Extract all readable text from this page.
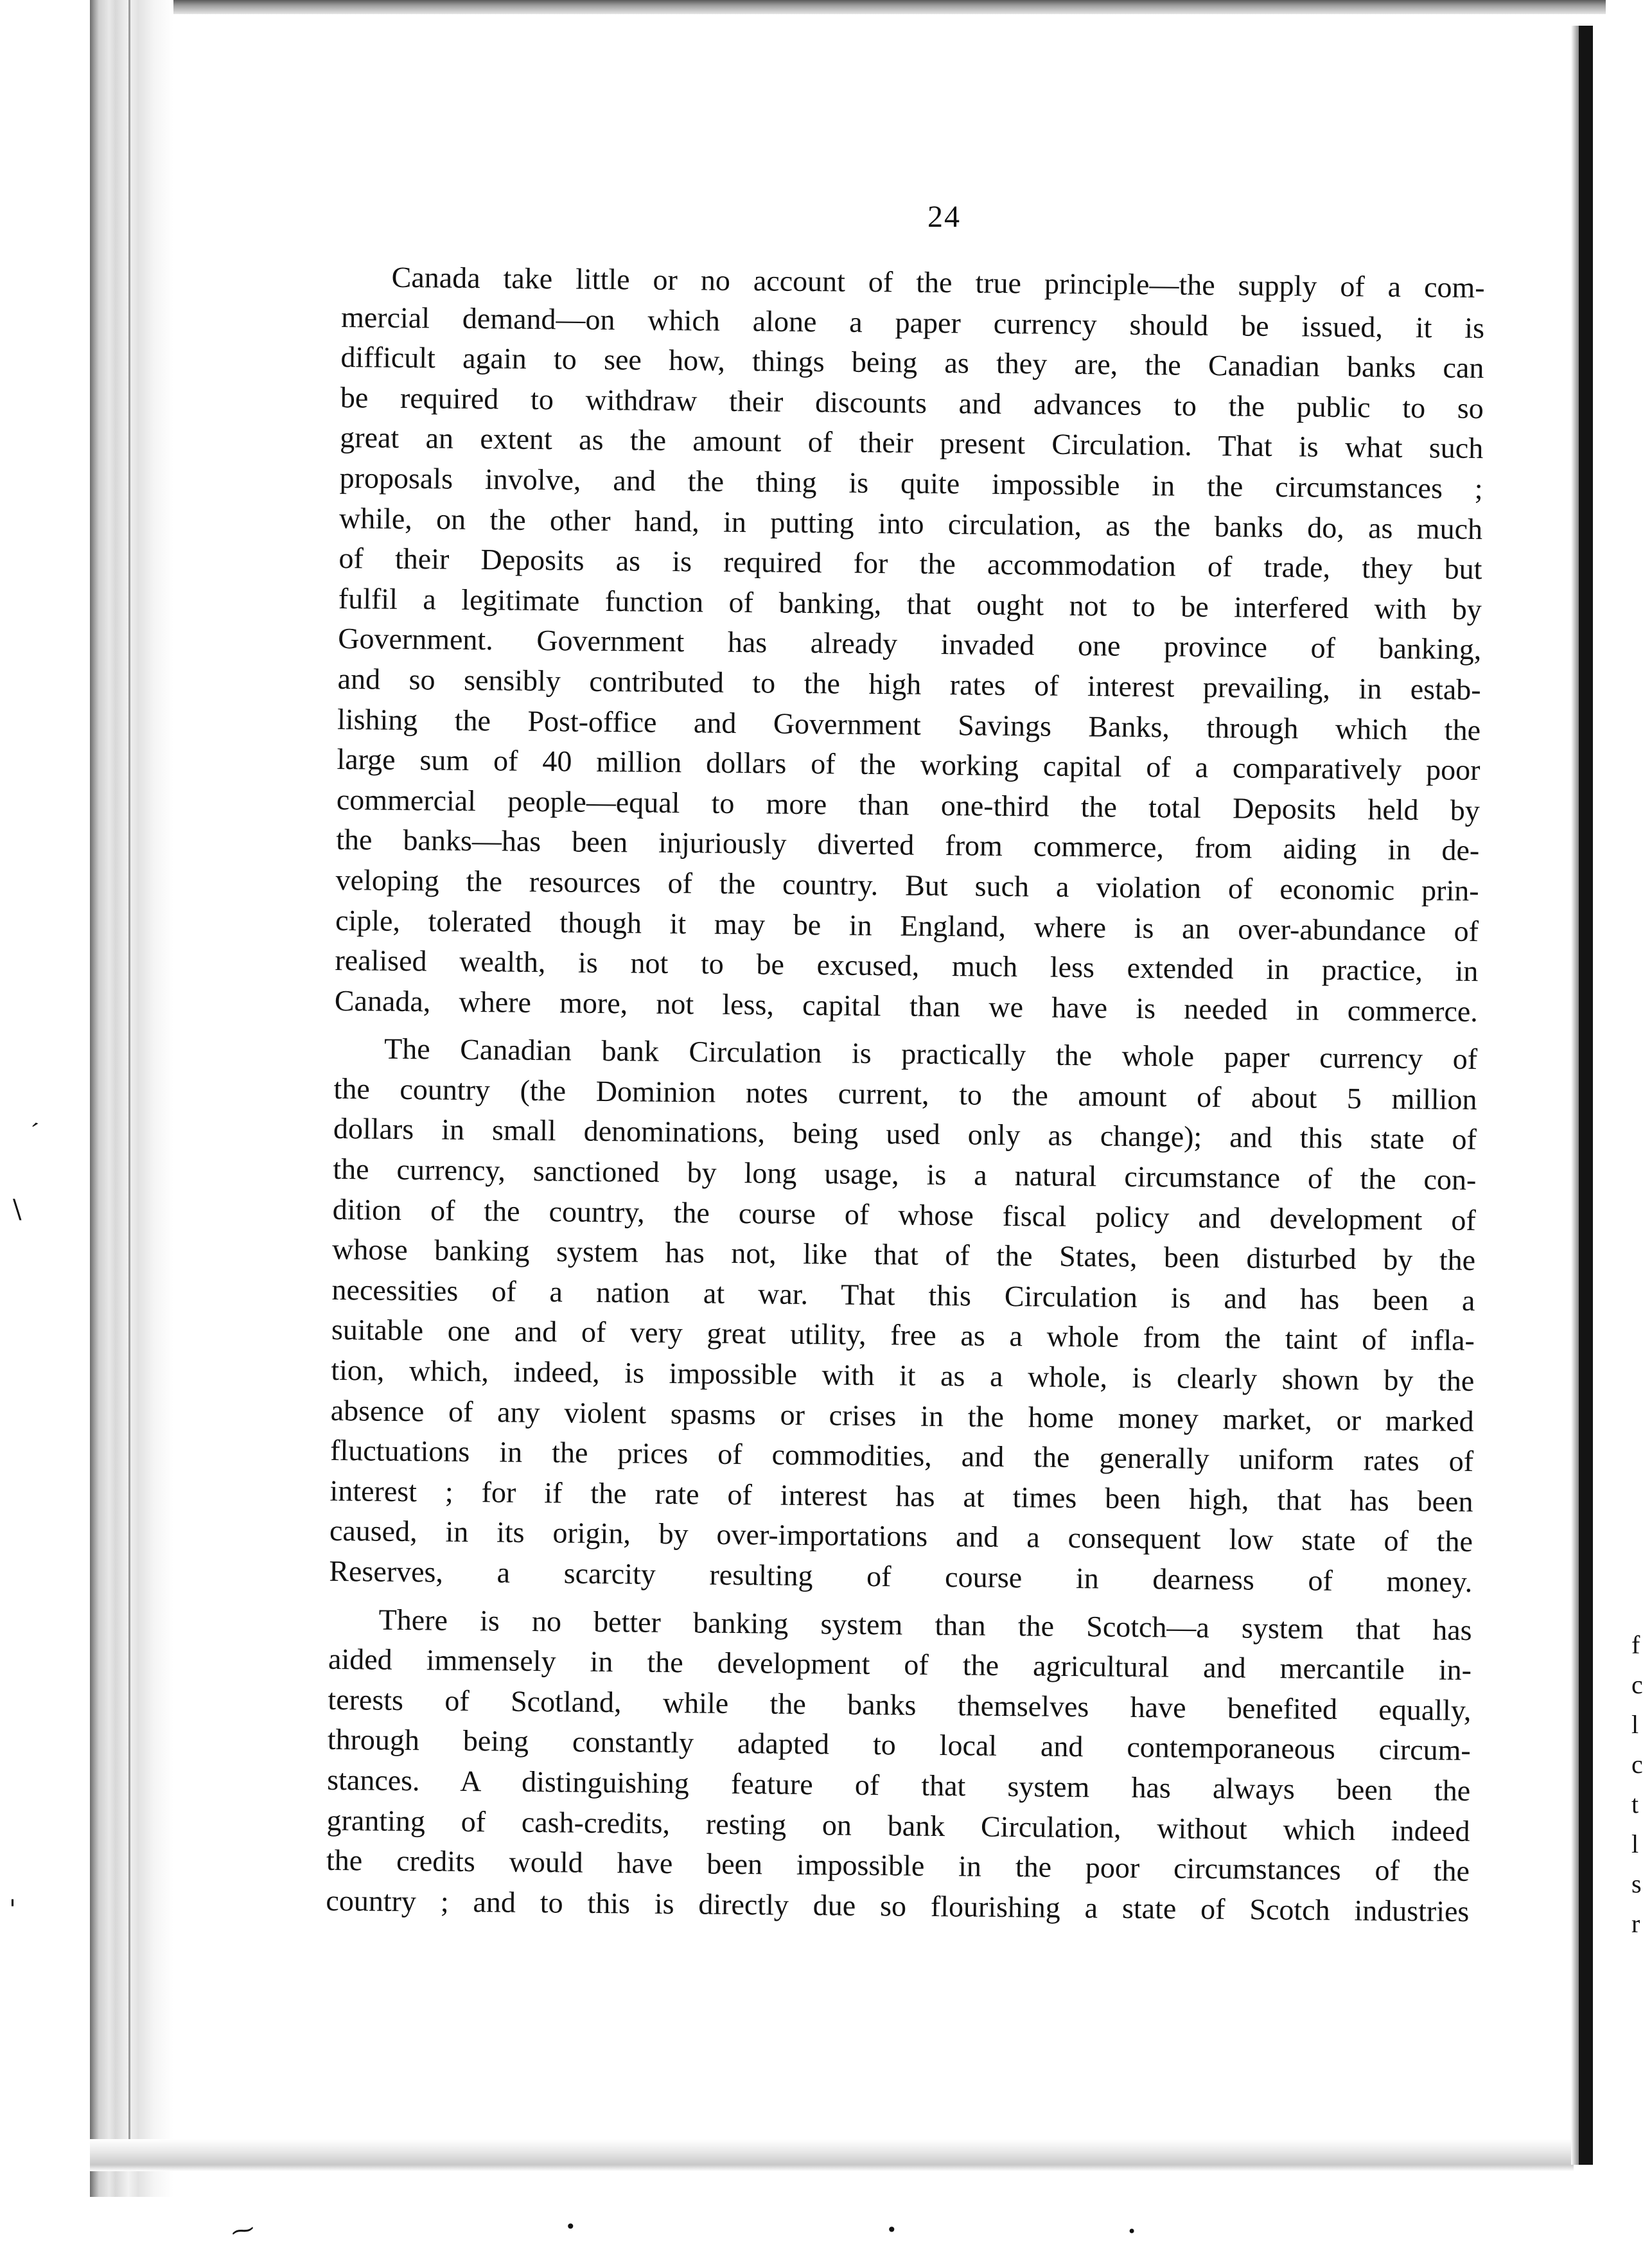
24
Canada take little or no account of the true principle—the supply of a com-
mercial demand—on which alone a paper currency should be issued, it is
difficult again to see how, things being as they are, the Canadian banks can
be required to withdraw their discounts and advances to the public to so
great an extent as the amount of their present Circulation. That is what such
proposals involve, and the thing is quite impossible in the circumstances ;
while, on the other hand, in putting into circulation, as the banks do, as much
of their Deposits as is required for the accommodation of trade, they but
fulfil a legitimate function of banking, that ought not to be interfered with by
Government. Government has already invaded one province of banking,
and so sensibly contributed to the high rates of interest prevailing, in estab-
lishing the Post-office and Government Savings Banks, through which the
large sum of 40 million dollars of the working capital of a comparatively poor
commercial people—equal to more than one-third the total Deposits held by
the banks—has been injuriously diverted from commerce, from aiding in de-
veloping the resources of the country. But such a violation of economic prin-
ciple, tolerated though it may be in England, where is an over-abundance of
realised wealth, is not to be excused, much less extended in practice, in
Canada, where more, not less, capital than we have is needed in commerce.
The Canadian bank Circulation is practically the whole paper currency of
the country (the Dominion notes current, to the amount of about 5 million
dollars in small denominations, being used only as change); and this state of
the currency, sanctioned by long usage, is a natural circumstance of the con-
dition of the country, the course of whose fiscal policy and development of
whose banking system has not, like that of the States, been disturbed by the
necessities of a nation at war. That this Circulation is and has been a
suitable one and of very great utility, free as a whole from the taint of infla-
tion, which, indeed, is impossible with it as a whole, is clearly shown by the
absence of any violent spasms or crises in the home money market, or marked
fluctuations in the prices of commodities, and the generally uniform rates of
interest ; for if the rate of interest has at times been high, that has been
caused, in its origin, by over-importations and a consequent low state of the
Reserves, a scarcity resulting of course in dearness of money.
There is no better banking system than the Scotch—a system that has
aided immensely in the development of the agricultural and mercantile in-
terests of Scotland, while the banks themselves have benefited equally,
through being constantly adapted to local and contemporaneous circum-
stances. A distinguishing feature of that system has always been the
granting of cash-credits, resting on bank Circulation, without which indeed
the credits would have been impossible in the poor circumstances of the
country ; and to this is directly due so flourishing a state of Scotch industries
f
c
l
c
t
l
s
r
′
\
'
•	•	•
⁓
